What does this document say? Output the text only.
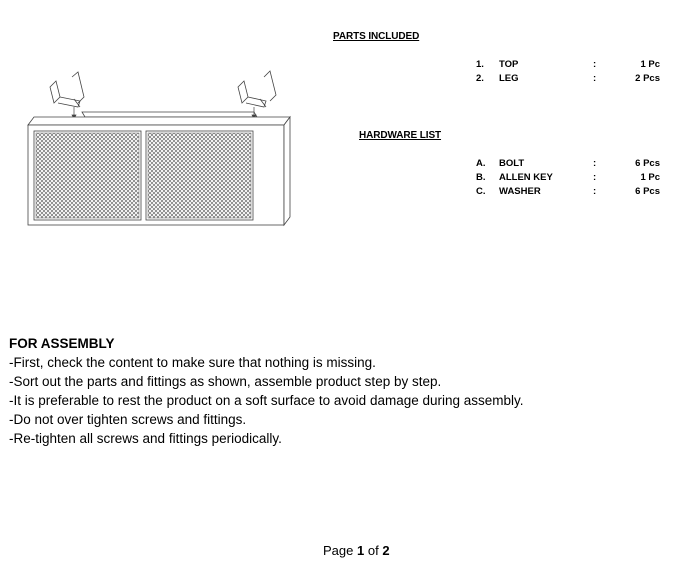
PARTS INCLUDED
1. TOP	:	1 Pc
2. LEG	:	2 Pcs
HARDWARE LIST
A. BOLT	:	6 Pcs
B. ALLEN KEY	:	1 Pc
C. WASHER	:	6 Pcs
FOR ASSEMBLY
-First, check the content to make sure that nothing is missing.
-Sort out the parts and fittings as shown, assemble product step by step.
-It is preferable to rest the product on a soft surface to avoid damage during assembly.
-Do not over tighten screws and fittings.
-Re-tighten all screws and fittings periodically.
Page 1 of 2
